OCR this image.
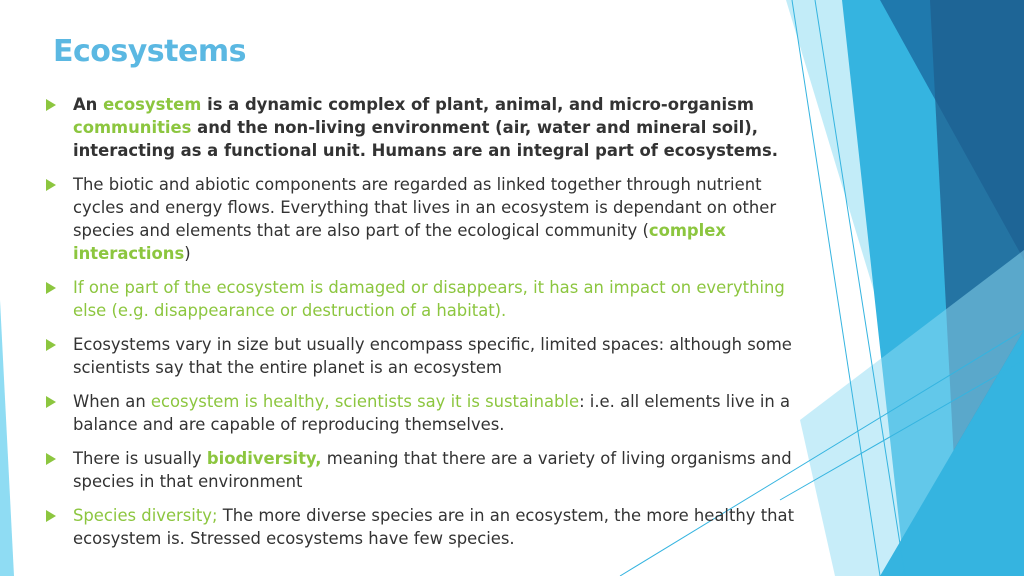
Ecosystems
An ecosystem is a dynamic complex of plant, animal, and micro-organism communities and the non-living environment (air, water and mineral soil), interacting as a functional unit. Humans are an integral part of ecosystems.
The biotic and abiotic components are regarded as linked together through nutrient cycles and energy flows. Everything that lives in an ecosystem is dependant on other species and elements that are also part of the ecological community (complex interactions)
If one part of the ecosystem is damaged or disappears, it has an impact on everything else (e.g. disappearance or destruction of a habitat).
Ecosystems vary in size but usually encompass specific, limited spaces: although some scientists say that the entire planet is an ecosystem
When an ecosystem is healthy, scientists say it is sustainable: i.e. all elements live in a balance and are capable of reproducing themselves.
There is usually biodiversity, meaning that there are a variety of living organisms and species in that environment
Species diversity; The more diverse species are in an ecosystem, the more healthy that ecosystem is. Stressed ecosystems have few species.
